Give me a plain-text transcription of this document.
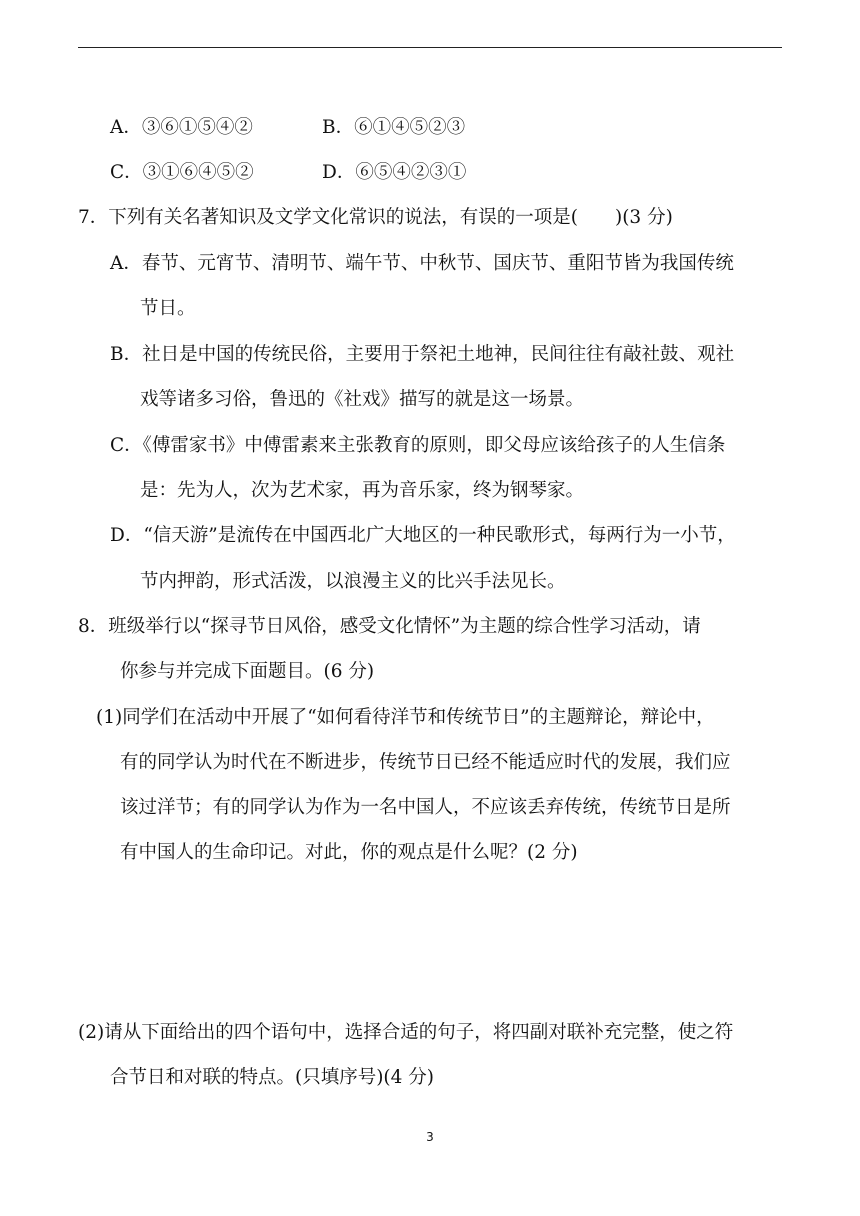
A．③⑥①⑤④②	B．⑥①④⑤②③
C．③①⑥④⑤②	D．⑥⑤④②③①
7．下列有关名著知识及文学文化常识的说法，有误的一项是(　　)(3 分)
A．春节、元宵节、清明节、端午节、中秋节、国庆节、重阳节皆为我国传统
节日。
B．社日是中国的传统民俗，主要用于祭祀土地神，民间往往有敲社鼓、观社
戏等诸多习俗，鲁迅的《社戏》描写的就是这一场景。
C．《傅雷家书》中傅雷素来主张教育的原则，即父母应该给孩子的人生信条
是：先为人，次为艺术家，再为音乐家，终为钢琴家。
D．“信天游”是流传在中国西北广大地区的一种民歌形式，每两行为一小节，
节内押韵，形式活泼，以浪漫主义的比兴手法见长。
8．班级举行以“探寻节日风俗，感受文化情怀”为主题的综合性学习活动，请
你参与并完成下面题目。(6 分)
(1)同学们在活动中开展了“如何看待洋节和传统节日”的主题辩论，辩论中，
有的同学认为时代在不断进步，传统节日已经不能适应时代的发展，我们应
该过洋节；有的同学认为作为一名中国人，不应该丢弃传统，传统节日是所
有中国人的生命印记。对此，你的观点是什么呢？(2 分)
(2)请从下面给出的四个语句中，选择合适的句子，将四副对联补充完整，使之符
合节日和对联的特点。(只填序号)(4 分)
3
